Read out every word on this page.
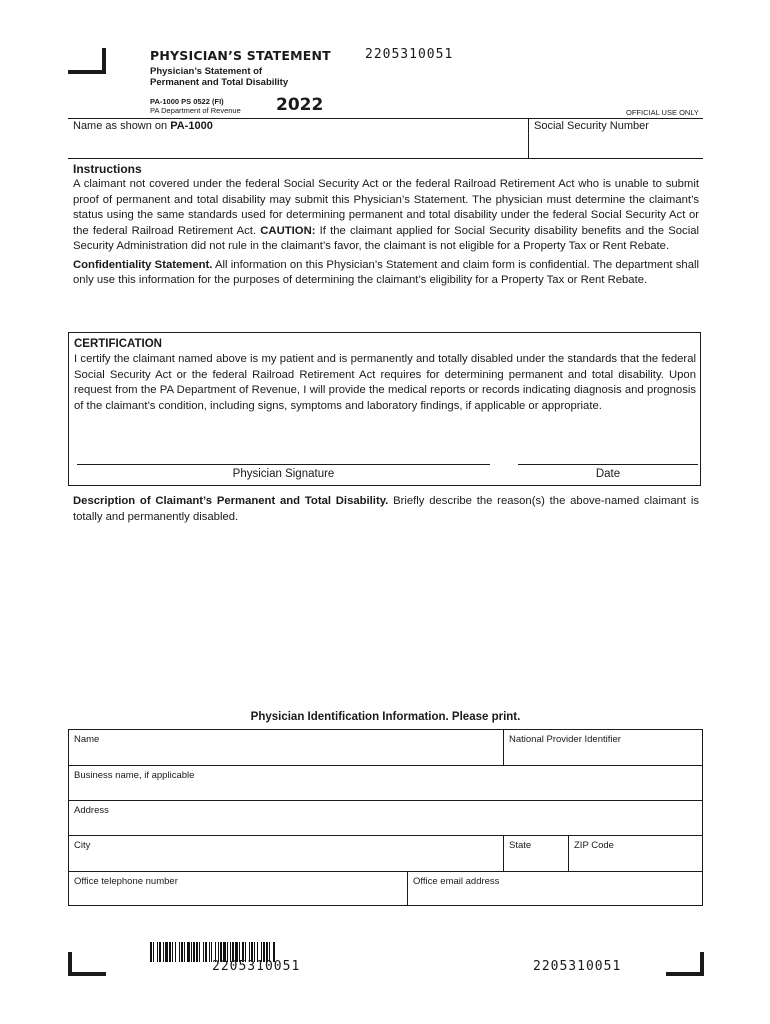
PHYSICIAN’S STATEMENT	2205310051
Physician’s Statement of
Permanent and Total Disability
PA-1000 PS 0522 (FI)
PA Department of Revenue 2022	OFFICIAL USE ONLY
Name as shown on PA-1000	Social Security Number
Instructions
A claimant not covered under the federal Social Security Act or the federal Railroad Retirement Act who is unable to submit proof of permanent and total disability may submit this Physician’s Statement. The physician must determine the claimant’s status using the same standards used for determining permanent and total disability under the federal Social Security Act or the federal Railroad Retirement Act. CAUTION: If the claimant applied for Social Security disability benefits and the Social Security Administration did not rule in the claimant’s favor, the claimant is not eligible for a Property Tax or Rent Rebate.
Confidentiality Statement. All information on this Physician’s Statement and claim form is confidential. The department shall only use this information for the purposes of determining the claimant’s eligibility for a Property Tax or Rent Rebate.
CERTIFICATION
I certify the claimant named above is my patient and is permanently and totally disabled under the standards that the federal Social Security Act or the federal Railroad Retirement Act requires for determining permanent and total disability. Upon request from the PA Department of Revenue, I will provide the medical reports or records indicating diagnosis and prognosis of the claimant’s condition, including signs, symptoms and laboratory findings, if applicable or appropriate.
Physician Signature	Date
Description of Claimant’s Permanent and Total Disability. Briefly describe the reason(s) the above-named claimant is totally and permanently disabled.
Physician Identification Information. Please print.
Name	National Provider Identifier
Business name, if applicable
Address
City	State	ZIP Code
Office telephone number	Office email address
2205310051	2205310051
